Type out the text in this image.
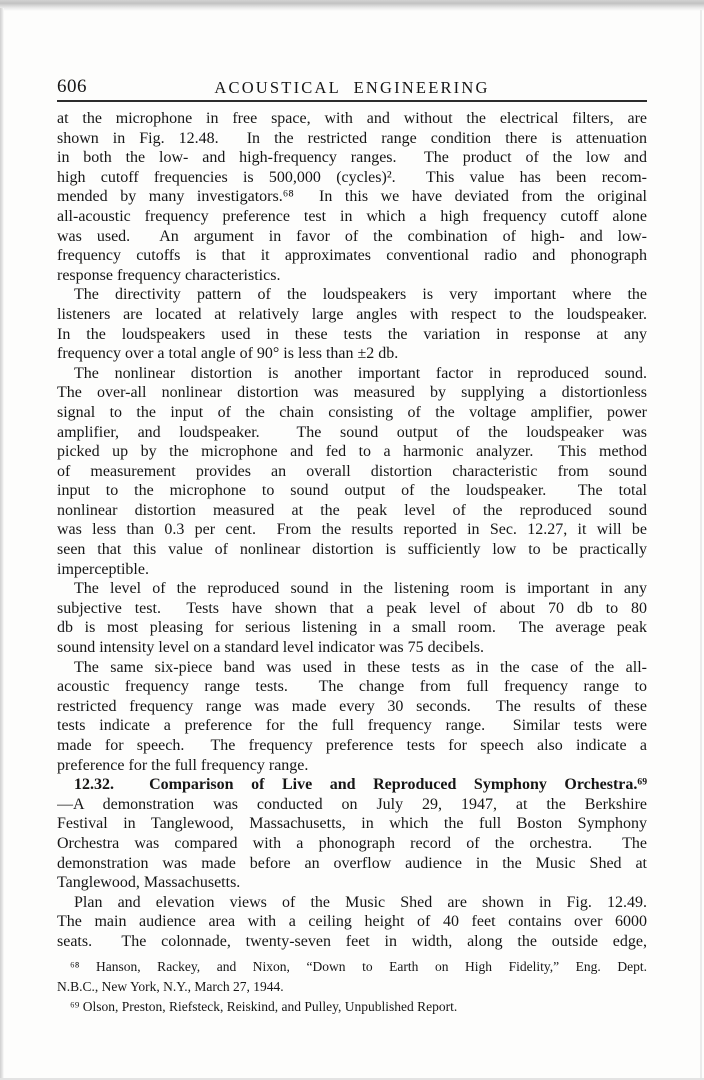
606	ACOUSTICAL ENGINEERING
at the microphone in free space, with and without the electrical filters, are
shown in Fig. 12.48.  In the restricted range condition there is attenuation
in both the low- and high-frequency ranges.  The product of the low and
high cutoff frequencies is 500,000 (cycles)².  This value has been recom-
mended by many investigators.⁶⁸  In this we have deviated from the original
all-acoustic frequency preference test in which a high frequency cutoff alone
was used.  An argument in favor of the combination of high- and low-
frequency cutoffs is that it approximates conventional radio and phonograph
response frequency characteristics.
The directivity pattern of the loudspeakers is very important where the
listeners are located at relatively large angles with respect to the loudspeaker.
In the loudspeakers used in these tests the variation in response at any
frequency over a total angle of 90° is less than ±2 db.
The nonlinear distortion is another important factor in reproduced sound.
The over-all nonlinear distortion was measured by supplying a distortionless
signal to the input of the chain consisting of the voltage amplifier, power
amplifier, and loudspeaker.  The sound output of the loudspeaker was
picked up by the microphone and fed to a harmonic analyzer.  This method
of measurement provides an overall distortion characteristic from sound
input to the microphone to sound output of the loudspeaker.  The total
nonlinear distortion measured at the peak level of the reproduced sound
was less than 0.3 per cent.  From the results reported in Sec. 12.27, it will be
seen that this value of nonlinear distortion is sufficiently low to be practically
imperceptible.
The level of the reproduced sound in the listening room is important in any
subjective test.  Tests have shown that a peak level of about 70 db to 80
db is most pleasing for serious listening in a small room.  The average peak
sound intensity level on a standard level indicator was 75 decibels.
The same six-piece band was used in these tests as in the case of the all-
acoustic frequency range tests.  The change from full frequency range to
restricted frequency range was made every 30 seconds.  The results of these
tests indicate a preference for the full frequency range.  Similar tests were
made for speech.  The frequency preference tests for speech also indicate a
preference for the full frequency range.
12.32.  Comparison of Live and Reproduced Symphony Orchestra.⁶⁹
—A demonstration was conducted on July 29, 1947, at the Berkshire
Festival in Tanglewood, Massachusetts, in which the full Boston Symphony
Orchestra was compared with a phonograph record of the orchestra.  The
demonstration was made before an overflow audience in the Music Shed at
Tanglewood, Massachusetts.
Plan and elevation views of the Music Shed are shown in Fig. 12.49.
The main audience area with a ceiling height of 40 feet contains over 6000
seats.  The colonnade, twenty-seven feet in width, along the outside edge,
⁶⁸ Hanson, Rackey, and Nixon, “Down to Earth on High Fidelity,” Eng. Dept.
N.B.C., New York, N.Y., March 27, 1944.
⁶⁹ Olson, Preston, Riefsteck, Reiskind, and Pulley, Unpublished Report.
